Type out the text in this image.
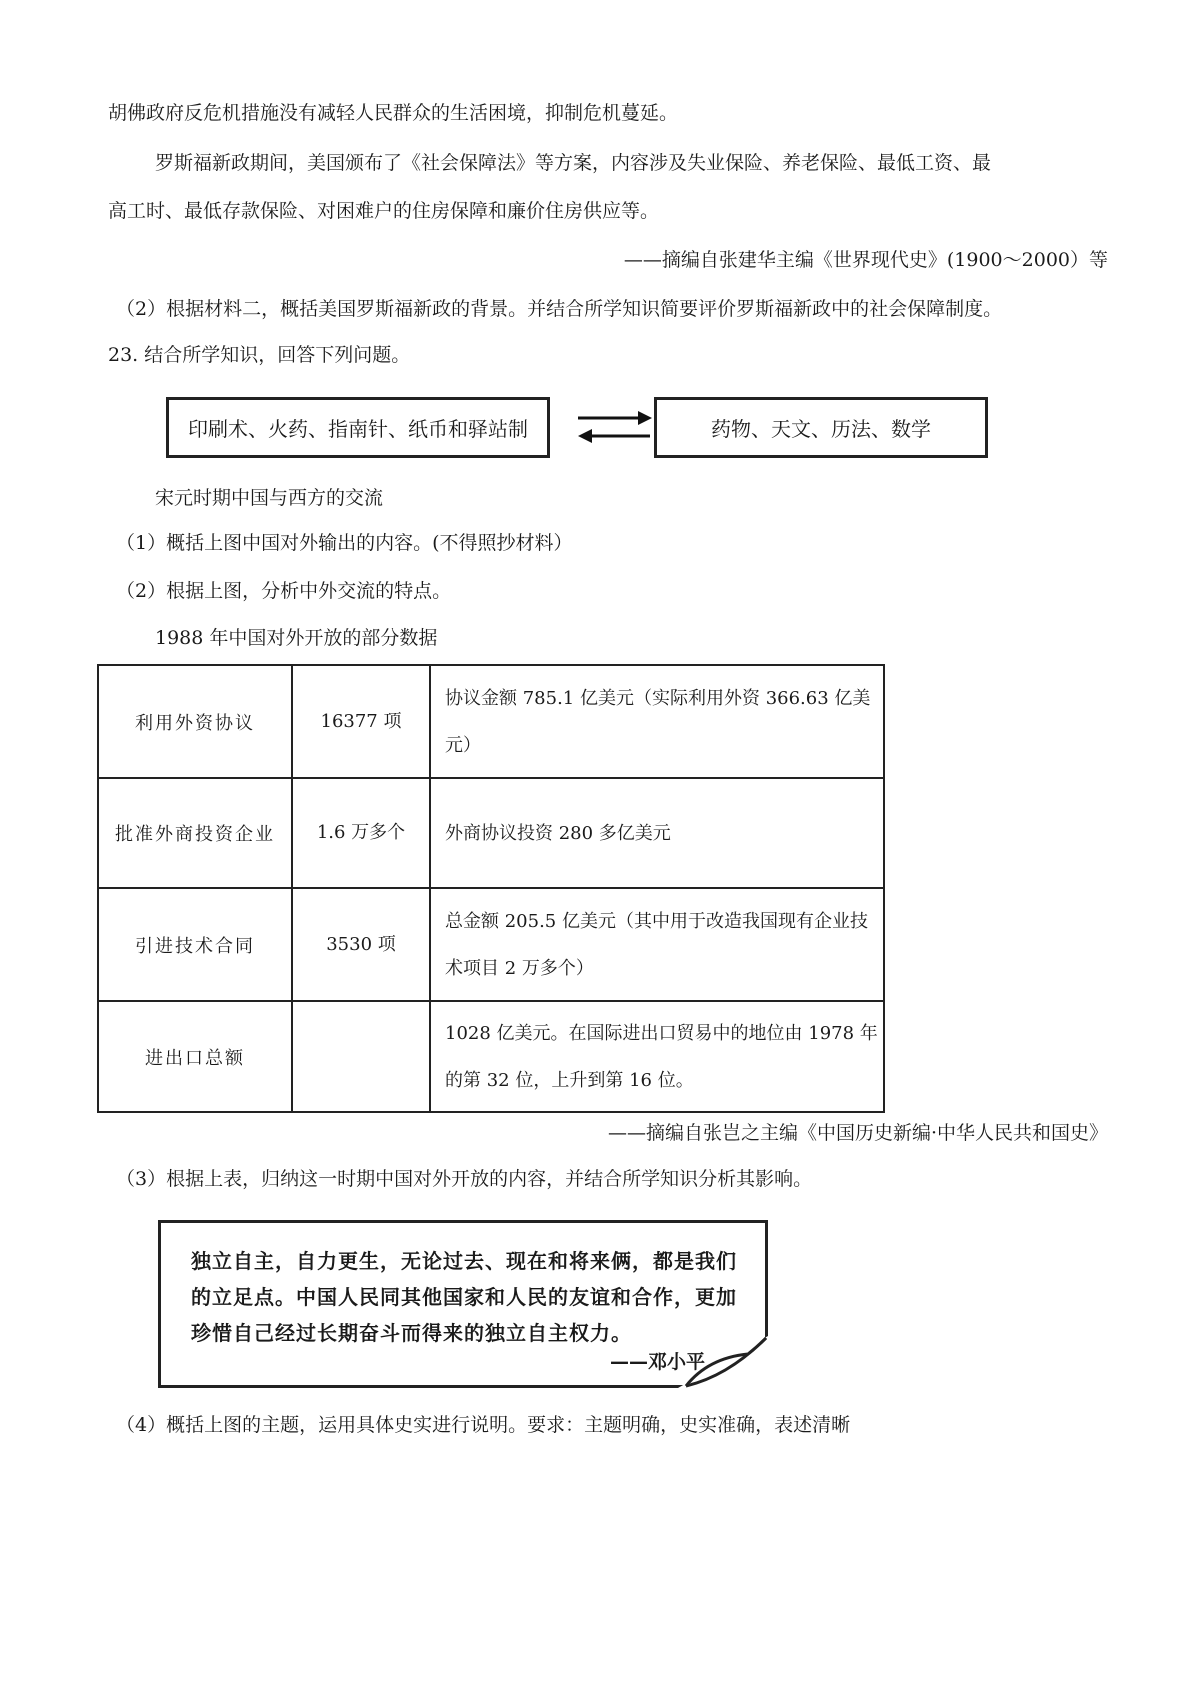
胡佛政府反危机措施没有减轻人民群众的生活困境，抑制危机蔓延。
罗斯福新政期间，美国颁布了《社会保障法》等方案，内容涉及失业保险、养老保险、最低工资、最
高工时、最低存款保险、对困难户的住房保障和廉价住房供应等。
——摘编自张建华主编《世界现代史》(1900～2000）等
（2）根据材料二，概括美国罗斯福新政的背景。并结合所学知识简要评价罗斯福新政中的社会保障制度。
23. 结合所学知识，回答下列问题。
印刷术、火药、指南针、纸币和驿站制	药物、天文、历法、数学
宋元时期中国与西方的交流
（1）概括上图中国对外输出的内容。(不得照抄材料）
（2）根据上图，分析中外交流的特点。
1988 年中国对外开放的部分数据
利用外资协议	16377 项	协议金额 785.1 亿美元（实际利用外资 366.63 亿美元）
批准外商投资企业	1.6 万多个	外商协议投资 280 多亿美元
引进技术合同	3530 项	总金额 205.5 亿美元（其中用于改造我国现有企业技术项目 2 万多个）
进出口总额		1028 亿美元。在国际进出口贸易中的地位由 1978 年的第 32 位，上升到第 16 位。
——摘编自张岂之主编《中国历史新编·中华人民共和国史》
（3）根据上表，归纳这一时期中国对外开放的内容，并结合所学知识分析其影响。
独立自主，自力更生，无论过去、现在和将来俩，都是我们的立足点。中国人民同其他国家和人民的友谊和合作，更加珍惜自己经过长期奋斗而得来的独立自主权力。
——邓小平
（4）概括上图的主题，运用具体史实进行说明。要求：主题明确，史实准确，表述清晰
